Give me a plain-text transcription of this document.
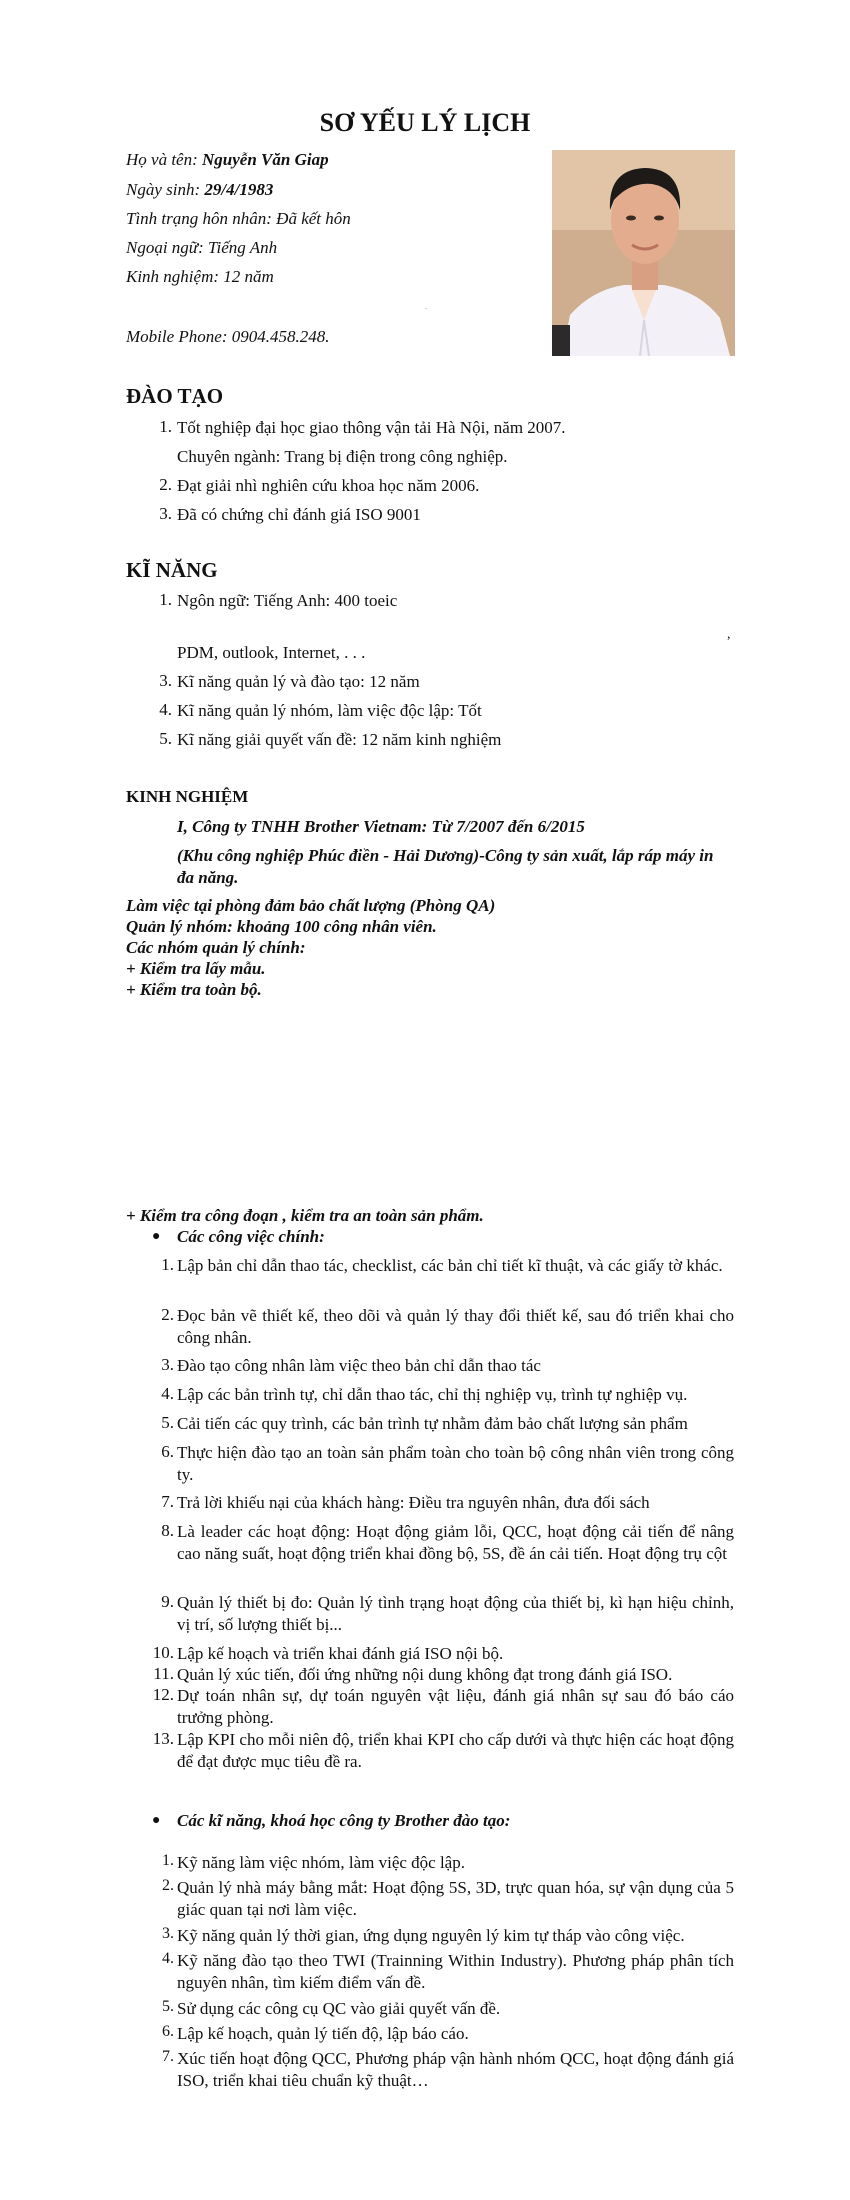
SƠ YẾU LÝ LỊCH
Họ và tên: Nguyễn Văn Giap
Ngày sinh: 29/4/1983
Tình trạng hôn nhân: Đã kết hôn
Ngoại ngữ: Tiếng Anh
Kinh nghiệm: 12 năm
.
Mobile Phone: 0904.458.248.
ĐÀO TẠO
1. Tốt nghiệp đại học giao thông vận tải Hà Nội, năm 2007.
Chuyên ngành: Trang bị điện trong công nghiệp.
2. Đạt giải nhì nghiên cứu khoa học năm 2006.
3. Đã có chứng chỉ đánh giá ISO 9001
KĨ NĂNG
1. Ngôn ngữ: Tiếng Anh: 400 toeic
,
PDM, outlook, Internet, . . .
3. Kĩ năng quản lý và đào tạo: 12 năm
4. Kĩ năng quản lý nhóm, làm việc độc lập: Tốt
5. Kĩ năng giải quyết vấn đề: 12 năm kinh nghiệm
KINH NGHIỆM
I, Công ty TNHH Brother Vietnam: Từ 7/2007 đến 6/2015
(Khu công nghiệp Phúc điền - Hải Dương)-Công ty sản xuất, lắp ráp máy in đa năng.
Làm việc tại phòng đảm bảo chất lượng (Phòng QA)
Quản lý nhóm: khoảng 100 công nhân viên.
Các nhóm quản lý chính:
+ Kiểm tra lấy mẫu.
+ Kiểm tra toàn bộ.
+ Kiểm tra công đoạn , kiểm tra an toàn sản phẩm.
● Các công việc chính:
1. Lập bản chỉ dẫn thao tác, checklist, các bản chỉ tiết kĩ thuật, và các giấy tờ khác.
2. Đọc bản vẽ thiết kế, theo dõi và quản lý thay đổi thiết kế, sau đó triển khai cho công nhân.
3. Đào tạo công nhân làm việc theo bản chỉ dẫn thao tác
4. Lập các bản trình tự, chỉ dẫn thao tác, chỉ thị nghiệp vụ, trình tự nghiệp vụ.
5. Cải tiến các quy trình, các bản trình tự nhằm đảm bảo chất lượng sản phẩm
6. Thực hiện đào tạo an toàn sản phẩm toàn cho toàn bộ công nhân viên trong công ty.
7. Trả lời khiếu nại của khách hàng: Điều tra nguyên nhân, đưa đối sách
8. Là leader các hoạt động: Hoạt động giảm lỗi, QCC, hoạt động cải tiến để nâng cao năng suất, hoạt động triển khai đồng bộ, 5S, đề án cải tiến. Hoạt động trụ cột
9. Quản lý thiết bị đo: Quản lý tình trạng hoạt động của thiết bị, kì hạn hiệu chỉnh, vị trí, số lượng thiết bị...
10. Lập kế hoạch và triển khai đánh giá ISO nội bộ.
11. Quản lý xúc tiến, đối ứng những nội dung không đạt trong đánh giá ISO.
12. Dự toán nhân sự, dự toán nguyên vật liệu, đánh giá nhân sự sau đó báo cáo trưởng phòng.
13. Lập KPI cho mỗi niên độ, triển khai KPI cho cấp dưới và thực hiện các hoạt động để đạt được mục tiêu đề ra.
● Các kĩ năng, khoá học công ty Brother đào tạo:
1. Kỹ năng làm việc nhóm, làm việc độc lập.
2. Quản lý nhà máy bằng mắt: Hoạt động 5S, 3D, trực quan hóa, sự vận dụng của 5 giác quan tại nơi làm việc.
3. Kỹ năng quản lý thời gian, ứng dụng nguyên lý kim tự tháp vào công việc.
4. Kỹ năng đào tạo theo TWI (Trainning Within Industry). Phương pháp phân tích nguyên nhân, tìm kiếm điểm vấn đề.
5. Sử dụng các công cụ QC vào giải quyết vấn đề.
6. Lập kế hoạch, quản lý tiến độ, lập báo cáo.
7. Xúc tiến hoạt động QCC, Phương pháp vận hành nhóm QCC, hoạt động đánh giá ISO, triển khai tiêu chuẩn kỹ thuật…
